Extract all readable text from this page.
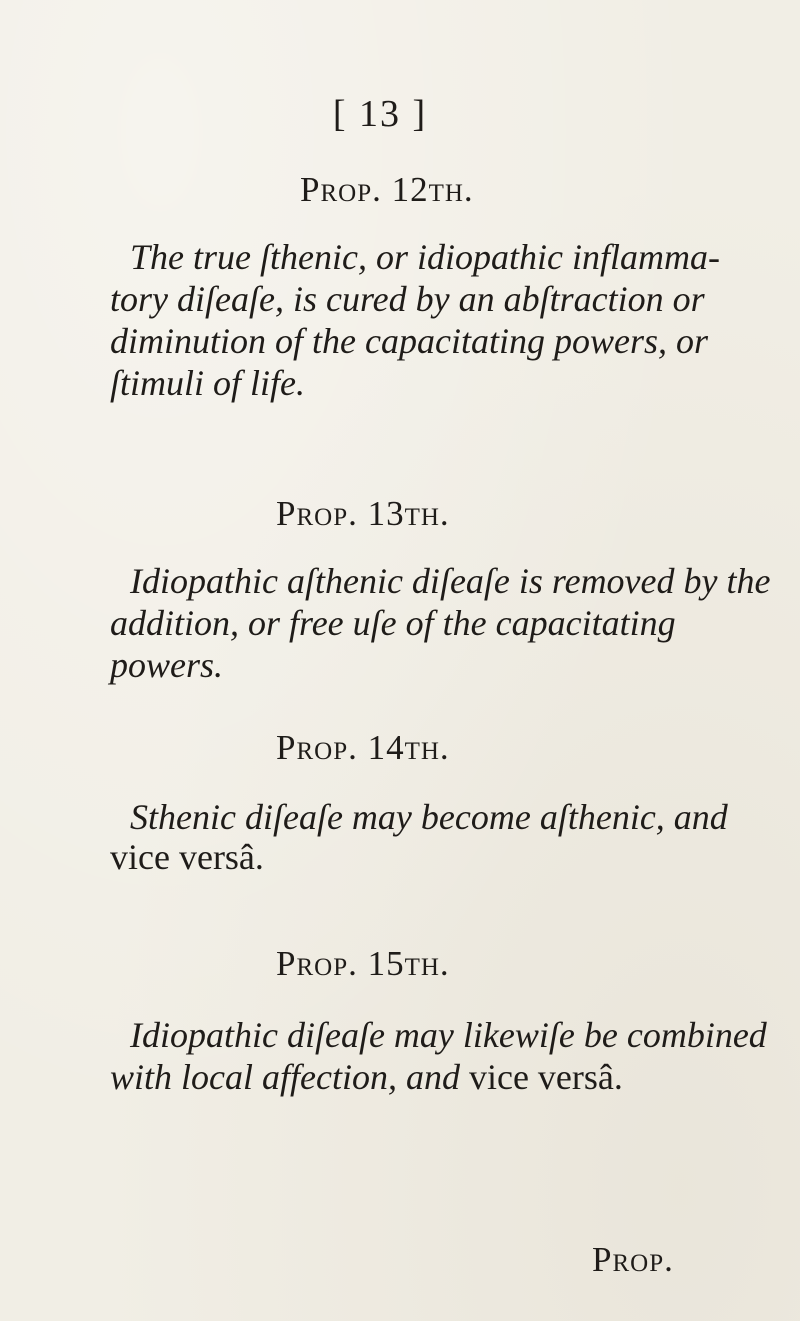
[ 13 ]
Prop. 12th.
The true ſthenic, or idiopathic inflamma-
tory diſeaſe, is cured by an abſtraction or
diminution of the capacitating powers, or
ſtimuli of life.
Prop. 13th.
Idiopathic aſthenic diſeaſe is removed by the
addition, or free uſe of the capacitating
powers.
Prop. 14th.
Sthenic diſeaſe may become aſthenic, and
vice versâ.
Prop. 15th.
Idiopathic diſeaſe may likewiſe be combined
with local affection, and vice versâ.
Prop.
